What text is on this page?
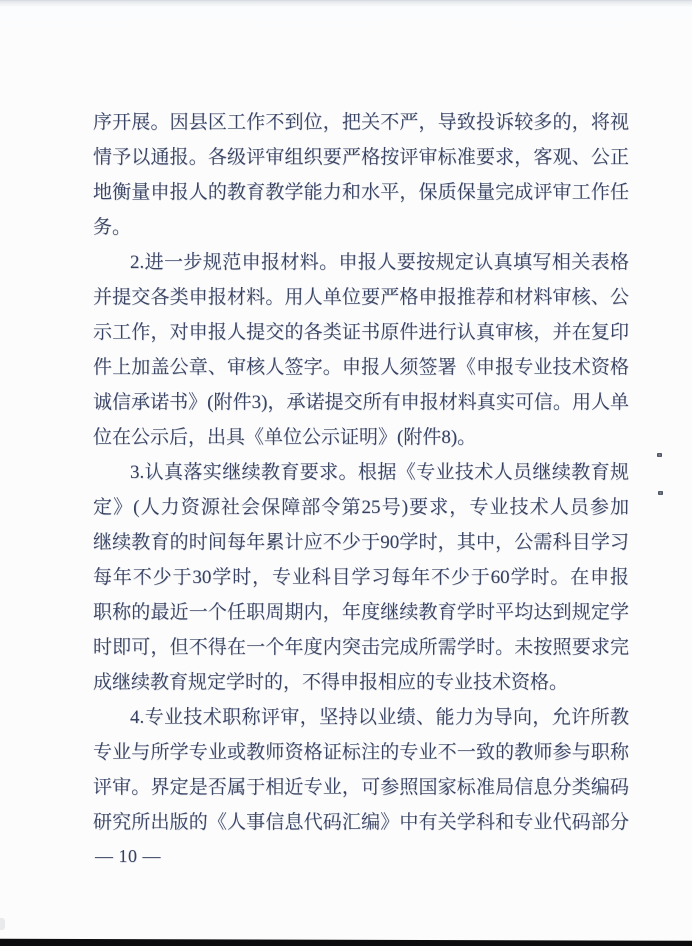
序开展。因县区工作不到位，把关不严，导致投诉较多的，将视
情予以通报。各级评审组织要严格按评审标准要求，客观、公正
地衡量申报人的教育教学能力和水平，保质保量完成评审工作任
务。
2.进一步规范申报材料。申报人要按规定认真填写相关表格
并提交各类申报材料。用人单位要严格申报推荐和材料审核、公
示工作，对申报人提交的各类证书原件进行认真审核，并在复印
件上加盖公章、审核人签字。申报人须签署《申报专业技术资格
诚信承诺书》(附件3)，承诺提交所有申报材料真实可信。用人单
位在公示后，出具《单位公示证明》(附件8)。
3.认真落实继续教育要求。根据《专业技术人员继续教育规
定》(人力资源社会保障部令第25号)要求，专业技术人员参加
继续教育的时间每年累计应不少于90学时，其中，公需科目学习
每年不少于30学时，专业科目学习每年不少于60学时。在申报
职称的最近一个任职周期内，年度继续教育学时平均达到规定学
时即可，但不得在一个年度内突击完成所需学时。未按照要求完
成继续教育规定学时的，不得申报相应的专业技术资格。
4.专业技术职称评审，坚持以业绩、能力为导向，允许所教
专业与所学专业或教师资格证标注的专业不一致的教师参与职称
评审。界定是否属于相近专业，可参照国家标准局信息分类编码
研究所出版的《人事信息代码汇编》中有关学科和专业代码部分
— 10 —
